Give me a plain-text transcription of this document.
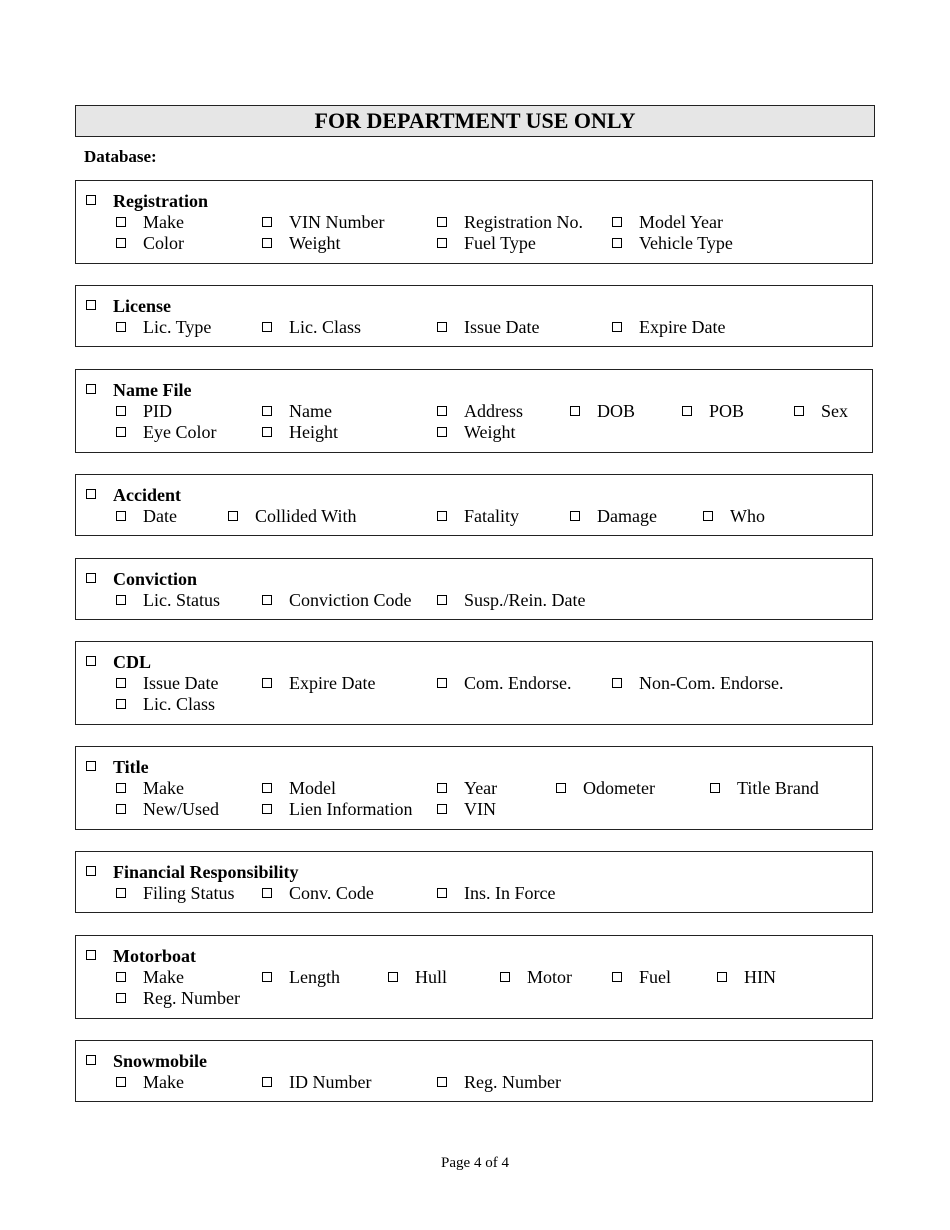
FOR DEPARTMENT USE ONLY
Database:
Registration
Make	VIN Number	Registration No.	Model Year
Color	Weight	Fuel Type	Vehicle Type
License
Lic. Type	Lic. Class	Issue Date	Expire Date
Name File
PID	Name	Address	DOB	POB	Sex
Eye Color	Height	Weight
Accident
Date	Collided With	Fatality	Damage	Who
Conviction
Lic. Status	Conviction Code	Susp./Rein. Date
CDL
Issue Date	Expire Date	Com. Endorse.	Non-Com. Endorse.
Lic. Class
Title
Make	Model	Year	Odometer	Title Brand
New/Used	Lien Information	VIN
Financial Responsibility
Filing Status	Conv. Code	Ins. In Force
Motorboat
Make	Length	Hull	Motor	Fuel	HIN
Reg. Number
Snowmobile
Make	ID Number	Reg. Number
Page 4 of 4
